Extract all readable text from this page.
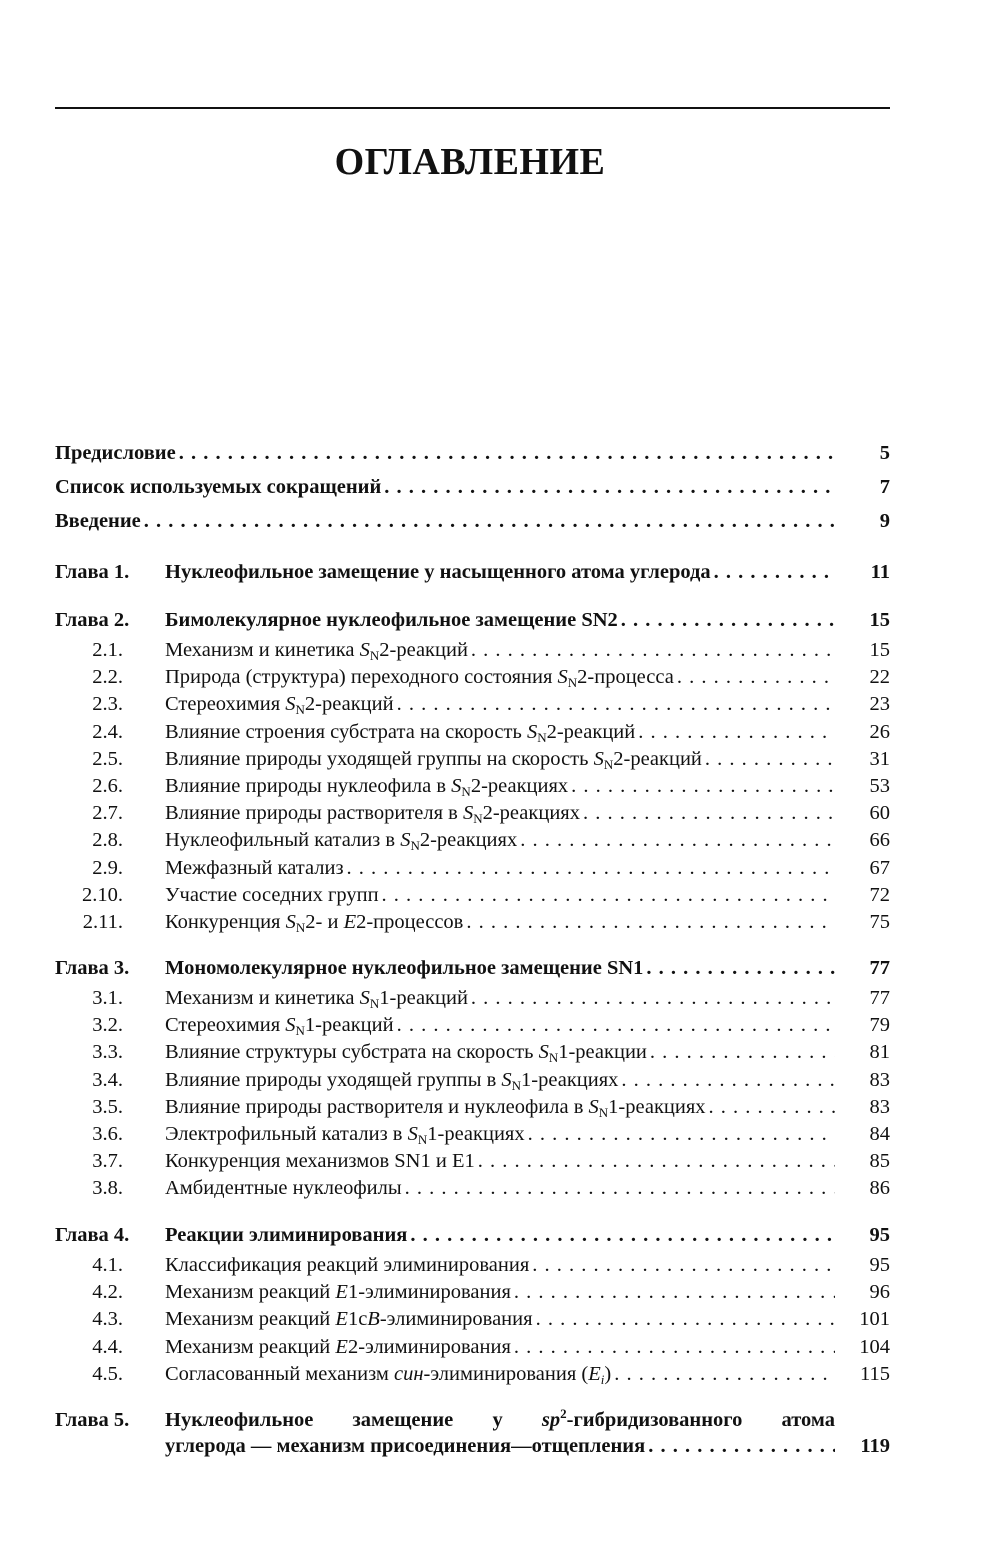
ОГЛАВЛЕНИЕ
Предисловие . . .	5
Список используемых сокращений . . .	7
Введение . . .	9
Глава 1.	Нуклеофильное замещение у насыщенного атома углерода . . .	11
Глава 2.	Бимолекулярное нуклеофильное замещение SN2 . . .	15
2.1. Механизм и кинетика $S_N2$-реакций . . .	15
2.2. Природа (структура) переходного состояния $S_N2$-процесса . . .	22
2.3. Стереохимия $S_N2$-реакций . . .	23
2.4. Влияние строения субстрата на скорость $S_N2$-реакций . . .	26
2.5. Влияние природы уходящей группы на скорость $S_N2$-реакций . . .	31
2.6. Влияние природы нуклеофила в $S_N2$-реакциях . . .	53
2.7. Влияние природы растворителя в $S_N2$-реакциях . . .	60
2.8. Нуклеофильный катализ в $S_N2$-реакциях . . .	66
2.9. Межфазный катализ . . .	67
2.10. Участие соседних групп . . .	72
2.11. Конкуренция $S_N2-$ и E2-процессов . . .	75
Глава 3.	Мономолекулярное нуклеофильное замещение SN1 . . .	77
3.1. Механизм и кинетика $S_N1$-реакций . . .	77
3.2. Стереохимия $S_N1$-реакций . . .	79
3.3. Влияние структуры субстрата на скорость $S_N1$-реакции . . .	81
3.4. Влияние природы уходящей группы в $S_N1$-реакциях . . .	83
3.5. Влияние природы растворителя и нуклеофила в $S_N1$-реакциях . . .	83
3.6. Электрофильный катализ в $S_N1$-реакциях . . .	84
3.7. Конкуренция механизмов SN1 и E1 . . .	85
3.8. Амбидентные нуклеофилы . . .	86
Глава 4.	Реакции элиминирования . . .	95
4.1. Классификация реакций элиминирования . . .	95
4.2. Механизм реакций E1-элиминирования . . .	96
4.3. Механизм реакций E1cB-элиминирования . . .	101
4.4. Механизм реакций E2-элиминирования . . .	104
4.5. Согласованный механизм син-элиминирования $(E_i)$ . . .	115
Глава 5.	Нуклеофильное замещение у $sp^2$-гибридизованного атома
углерода — механизм присоединения—отщепления . . .	119
